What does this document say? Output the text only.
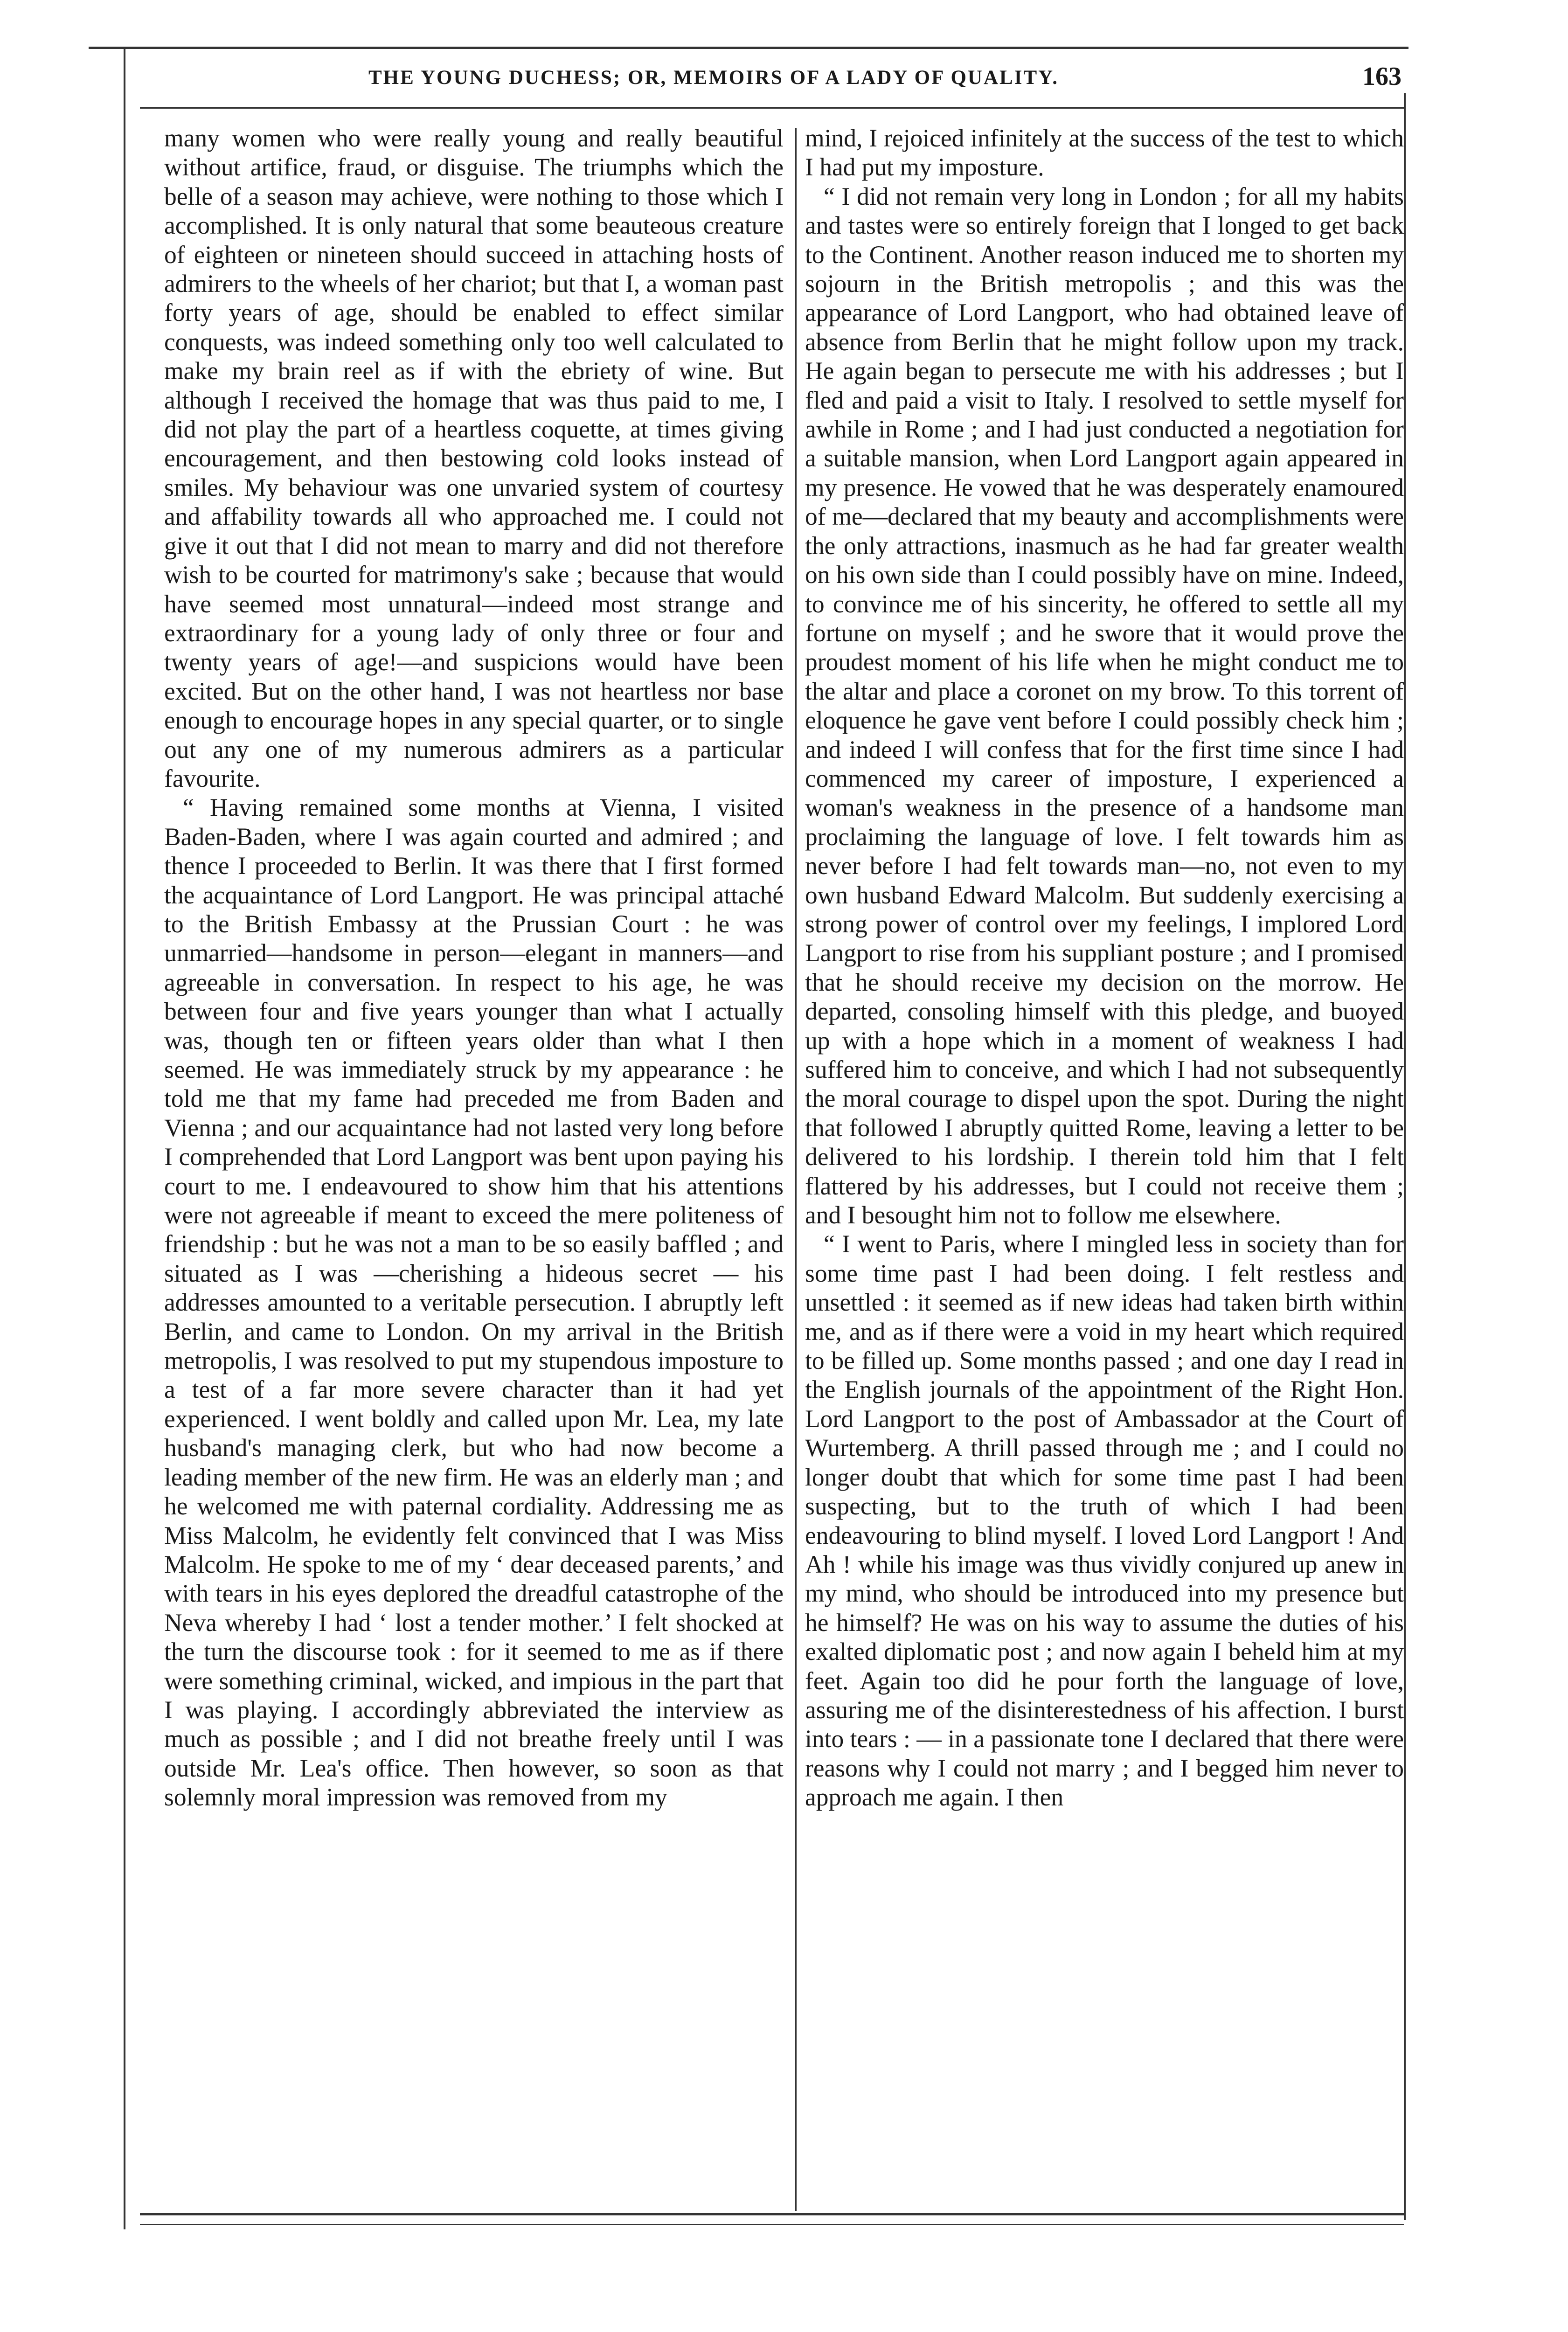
THE YOUNG DUCHESS; OR, MEMOIRS OF A LADY OF QUALITY.	163

many women who were really young and really beautiful without artifice, fraud, or disguise. The triumphs which the belle of a season may achieve, were nothing to those which I accomplished. It is only natural that some beauteous creature of eighteen or nineteen should succeed in attaching hosts of admirers to the wheels of her chariot; but that I, a woman past forty years of age, should be enabled to effect similar conquests, was indeed something only too well calculated to make my brain reel as if with the ebriety of wine. But although I received the homage that was thus paid to me, I did not play the part of a heartless coquette, at times giving encouragement, and then bestowing cold looks instead of smiles. My behaviour was one unvaried system of courtesy and affability towards all who approached me. I could not give it out that I did not mean to marry and did not therefore wish to be courted for matrimony's sake ; because that would have seemed most unnatural—indeed most strange and extraordinary for a young lady of only three or four and twenty years of age!—and suspicions would have been excited. But on the other hand, I was not heartless nor base enough to encourage hopes in any special quarter, or to single out any one of my numerous admirers as a particular favourite.

“ Having remained some months at Vienna, I visited Baden-Baden, where I was again courted and admired ; and thence I proceeded to Berlin. It was there that I first formed the acquaintance of Lord Langport. He was principal attaché to the British Embassy at the Prussian Court : he was unmarried—handsome in person—elegant in manners—and agreeable in conversation. In respect to his age, he was between four and five years younger than what I actually was, though ten or fifteen years older than what I then seemed. He was immediately struck by my appearance : he told me that my fame had preceded me from Baden and Vienna ; and our acquaintance had not lasted very long before I comprehended that Lord Langport was bent upon paying his court to me. I endeavoured to show him that his attentions were not agreeable if meant to exceed the mere politeness of friendship : but he was not a man to be so easily baffled ; and situated as I was —cherishing a hideous secret — his addresses amounted to a veritable persecution. I abruptly left Berlin, and came to London. On my arrival in the British metropolis, I was resolved to put my stupendous imposture to a test of a far more severe character than it had yet experienced. I went boldly and called upon Mr. Lea, my late husband's managing clerk, but who had now become a leading member of the new firm. He was an elderly man ; and he welcomed me with paternal cordiality. Addressing me as Miss Malcolm, he evidently felt convinced that I was Miss Malcolm. He spoke to me of my ‘ dear deceased parents,’ and with tears in his eyes deplored the dreadful catastrophe of the Neva whereby I had ‘ lost a tender mother.’ I felt shocked at the turn the discourse took : for it seemed to me as if there were something criminal, wicked, and impious in the part that I was playing. I accordingly abbreviated the interview as much as possible ; and I did not breathe freely until I was outside Mr. Lea's office. Then however, so soon as that solemnly moral impression was removed from my

mind, I rejoiced infinitely at the success of the test to which I had put my imposture.

“ I did not remain very long in London ; for all my habits and tastes were so entirely foreign that I longed to get back to the Continent. Another reason induced me to shorten my sojourn in the British metropolis ; and this was the appearance of Lord Langport, who had obtained leave of absence from Berlin that he might follow upon my track. He again began to persecute me with his addresses ; but I fled and paid a visit to Italy. I resolved to settle myself for awhile in Rome ; and I had just conducted a negotiation for a suitable mansion, when Lord Langport again appeared in my presence. He vowed that he was desperately enamoured of me—declared that my beauty and accomplishments were the only attractions, inasmuch as he had far greater wealth on his own side than I could possibly have on mine. Indeed, to convince me of his sincerity, he offered to settle all my fortune on myself ; and he swore that it would prove the proudest moment of his life when he might conduct me to the altar and place a coronet on my brow. To this torrent of eloquence he gave vent before I could possibly check him ; and indeed I will confess that for the first time since I had commenced my career of imposture, I experienced a woman's weakness in the presence of a handsome man proclaiming the language of love. I felt towards him as never before I had felt towards man—no, not even to my own husband Edward Malcolm. But suddenly exercising a strong power of control over my feelings, I implored Lord Langport to rise from his suppliant posture ; and I promised that he should receive my decision on the morrow. He departed, consoling himself with this pledge, and buoyed up with a hope which in a moment of weakness I had suffered him to conceive, and which I had not subsequently the moral courage to dispel upon the spot. During the night that followed I abruptly quitted Rome, leaving a letter to be delivered to his lordship. I therein told him that I felt flattered by his addresses, but I could not receive them ; and I besought him not to follow me elsewhere.

“ I went to Paris, where I mingled less in society than for some time past I had been doing. I felt restless and unsettled : it seemed as if new ideas had taken birth within me, and as if there were a void in my heart which required to be filled up. Some months passed ; and one day I read in the English journals of the appointment of the Right Hon. Lord Langport to the post of Ambassador at the Court of Wurtemberg. A thrill passed through me ; and I could no longer doubt that which for some time past I had been suspecting, but to the truth of which I had been endeavouring to blind myself. I loved Lord Langport ! And Ah ! while his image was thus vividly conjured up anew in my mind, who should be introduced into my presence but he himself? He was on his way to assume the duties of his exalted diplomatic post ; and now again I beheld him at my feet. Again too did he pour forth the language of love, assuring me of the disinterestedness of his affection. I burst into tears : — in a passionate tone I declared that there were reasons why I could not marry ; and I begged him never to approach me again. I then
